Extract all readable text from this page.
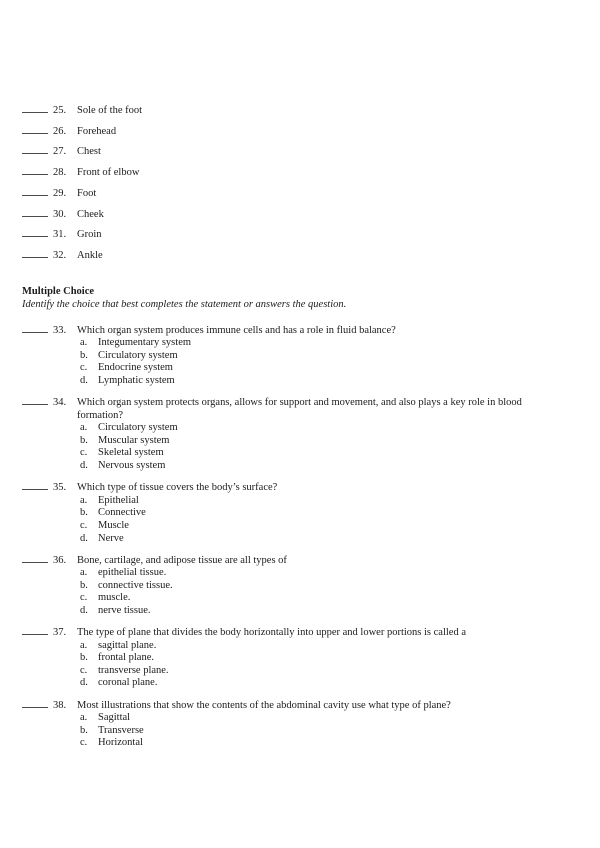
25.	Sole of the foot
26.	Forehead
27.	Chest
28.	Front of elbow
29.	Foot
30.	Cheek
31.	Groin
32.	Ankle
Multiple Choice
Identify the choice that best completes the statement or answers the question.
33.	Which organ system produces immune cells and has a role in fluid balance?
a.	Integumentary system
b. Circulatory system
c.	Endocrine system
d. Lymphatic system
34.	Which organ system protects organs, allows for support and movement, and also plays a key role in blood formation?
a.	Circulatory system
b. Muscular system
c.	Skeletal system
d. Nervous system
35.	Which type of tissue covers the body’s surface?
a.	Epithelial
b. Connective
c.	Muscle
d. Nerve
36.	Bone, cartilage, and adipose tissue are all types of
a.	epithelial tissue.
b. connective tissue.
c.	muscle.
d. nerve tissue.
37.	The type of plane that divides the body horizontally into upper and lower portions is called a
a.	sagittal plane.
b. frontal plane.
c.	transverse plane.
d. coronal plane.
38.	Most illustrations that show the contents of the abdominal cavity use what type of plane?
a.	Sagittal
b. Transverse
c.	Horizontal
